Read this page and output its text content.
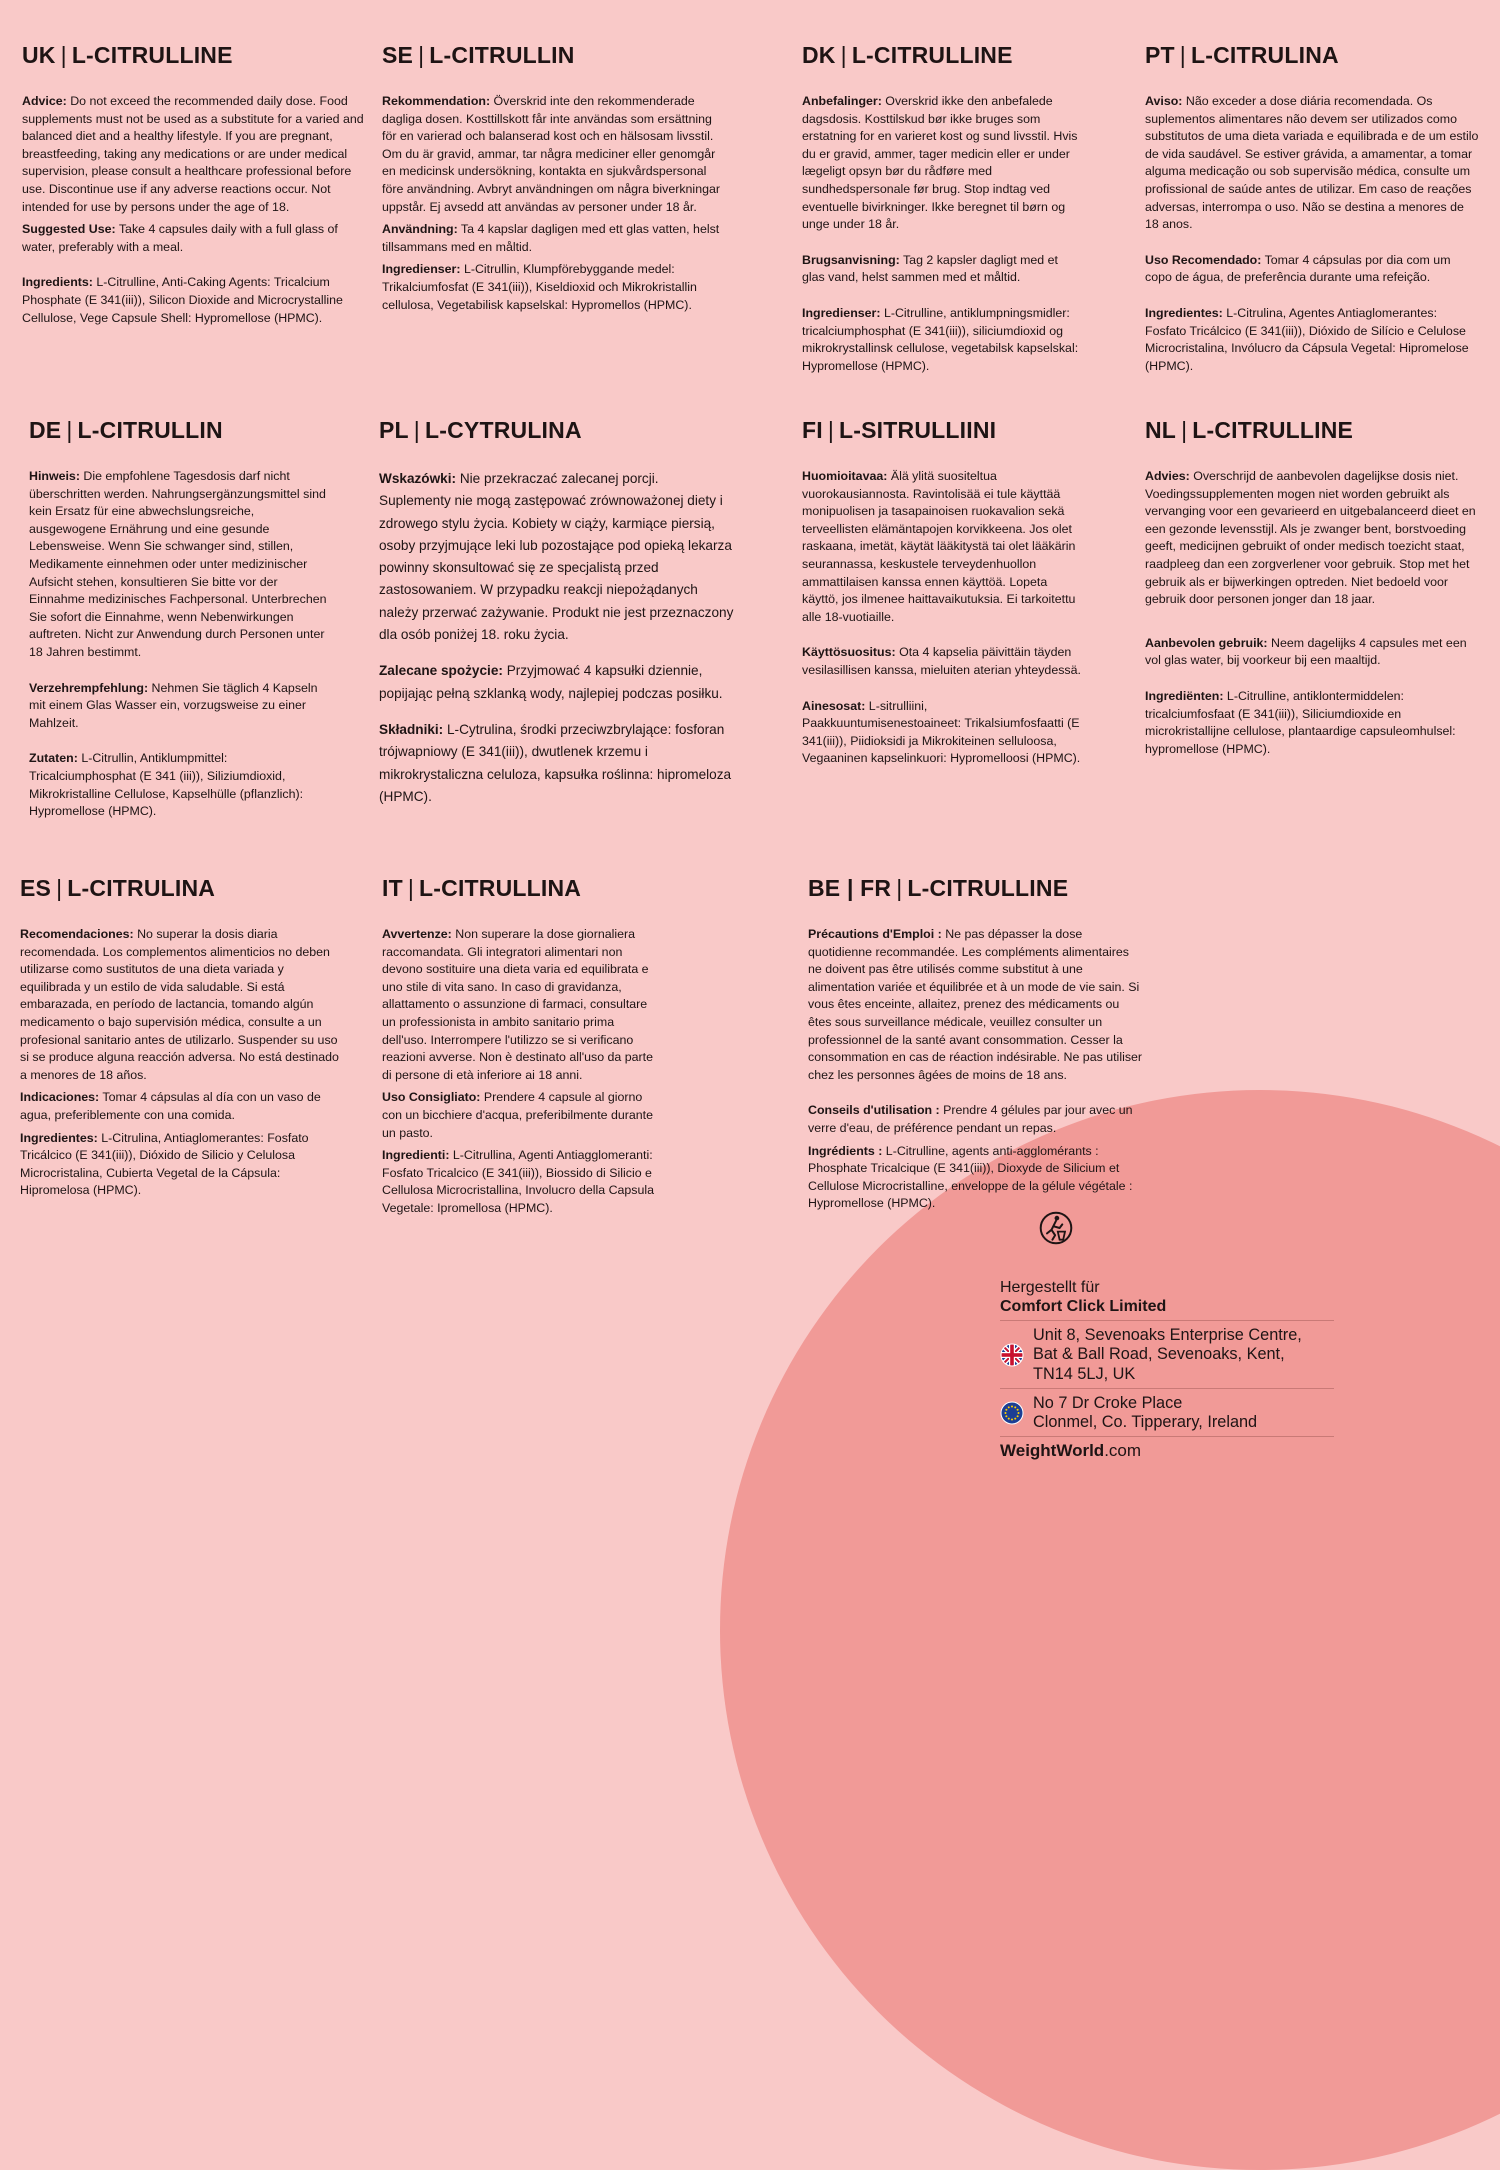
UK | L-CITRULLINE

Advice: Do not exceed the recommended daily dose. Food supplements must not be used as a substitute for a varied and balanced diet and a healthy lifestyle. If you are pregnant, breastfeeding, taking any medications or are under medical supervision, please consult a healthcare professional before use. Discontinue use if any adverse reactions occur. Not intended for use by persons under the age of 18.

Suggested Use: Take 4 capsules daily with a full glass of water, preferably with a meal.

Ingredients: L-Citrulline, Anti-Caking Agents: Tricalcium Phosphate (E 341(iii)), Silicon Dioxide and Microcrystalline Cellulose, Vege Capsule Shell: Hypromellose (HPMC).

SE | L-CITRULLIN

Rekommendation: Överskrid inte den rekommenderade dagliga dosen. Kosttillskott får inte användas som ersättning för en varierad och balanserad kost och en hälsosam livsstil. Om du är gravid, ammar, tar några mediciner eller genomgår en medicinsk undersökning, kontakta en sjukvårdspersonal före användning. Avbryt användningen om några biverkningar uppstår. Ej avsedd att användas av personer under 18 år.

Användning: Ta 4 kapslar dagligen med ett glas vatten, helst tillsammans med en måltid.

Ingredienser: L-Citrullin, Klumpförebyggande medel: Trikalciumfosfat (E 341(iii)), Kiseldioxid och Mikrokristallin cellulosa, Vegetabilisk kapselskal: Hypromellos (HPMC).

DK | L-CITRULLINE

Anbefalinger: Overskrid ikke den anbefalede dagsdosis. Kosttilskud bør ikke bruges som erstatning for en varieret kost og sund livsstil. Hvis du er gravid, ammer, tager medicin eller er under lægeligt opsyn bør du rådføre med sundhedspersonale før brug. Stop indtag ved eventuelle bivirkninger. Ikke beregnet til børn og unge under 18 år.

Brugsanvisning: Tag 2 kapsler dagligt med et glas vand, helst sammen med et måltid.

Ingredienser: L-Citrulline, antiklumpningsmidler: tricalciumphosphat (E 341(iii)), siliciumdioxid og mikrokrystallinsk cellulose, vegetabilsk kapselskal: Hypromellose (HPMC).

PT | L-CITRULINA

Aviso: Não exceder a dose diária recomendada. Os suplementos alimentares não devem ser utilizados como substitutos de uma dieta variada e equilibrada e de um estilo de vida saudável. Se estiver grávida, a amamentar, a tomar alguma medicação ou sob supervisão médica, consulte um profissional de saúde antes de utilizar. Em caso de reações adversas, interrompa o uso. Não se destina a menores de 18 anos.

Uso Recomendado: Tomar 4 cápsulas por dia com um copo de água, de preferência durante uma refeição.

Ingredientes: L-Citrulina, Agentes Antiaglomerantes: Fosfato Tricálcico (E 341(iii)), Dióxido de Silício e Celulose Microcristalina, Invólucro da Cápsula Vegetal: Hipromelose (HPMC).

DE | L-CITRULLIN

Hinweis: Die empfohlene Tagesdosis darf nicht überschritten werden. Nahrungsergänzungsmittel sind kein Ersatz für eine abwechslungsreiche, ausgewogene Ernährung und eine gesunde Lebensweise. Wenn Sie schwanger sind, stillen, Medikamente einnehmen oder unter medizinischer Aufsicht stehen, konsultieren Sie bitte vor der Einnahme medizinisches Fachpersonal. Unterbrechen Sie sofort die Einnahme, wenn Nebenwirkungen auftreten. Nicht zur Anwendung durch Personen unter 18 Jahren bestimmt.

Verzehrempfehlung: Nehmen Sie täglich 4 Kapseln mit einem Glas Wasser ein, vorzugsweise zu einer Mahlzeit.

Zutaten: L-Citrullin, Antiklumpmittel: Tricalciumphosphat (E 341 (iii)), Siliziumdioxid, Mikrokristalline Cellulose, Kapselhülle (pflanzlich): Hypromellose (HPMC).

PL | L-CYTRULINA

Wskazówki: Nie przekraczać zalecanej porcji. Suplementy nie mogą zastępować zrównoważonej diety i zdrowego stylu życia. Kobiety w ciąży, karmiące piersią, osoby przyjmujące leki lub pozostające pod opieką lekarza powinny skonsultować się ze specjalistą przed zastosowaniem. W przypadku reakcji niepożądanych należy przerwać zażywanie. Produkt nie jest przeznaczony dla osób poniżej 18. roku życia.

Zalecane spożycie: Przyjmować 4 kapsułki dziennie, popijając pełną szklanką wody, najlepiej podczas posiłku.

Składniki: L-Cytrulina, środki przeciwzbrylające: fosforan trójwapniowy (E 341(iii)), dwutlenek krzemu i mikrokrystaliczna celuloza, kapsułka roślinna: hipromeloza (HPMC).

FI | L-SITRULLIINI

Huomioitavaa: Älä ylitä suositeltua vuorokausiannosta. Ravintolisää ei tule käyttää monipuolisen ja tasapainoisen ruokavalion sekä terveellisten elämäntapojen korvikkeena. Jos olet raskaana, imetät, käytät lääkitystä tai olet lääkärin seurannassa, keskustele terveydenhuollon ammattilaisen kanssa ennen käyttöä. Lopeta käyttö, jos ilmenee haittavaikutuksia. Ei tarkoitettu alle 18-vuotiaille.

Käyttösuositus: Ota 4 kapselia päivittäin täyden vesilasillisen kanssa, mieluiten aterian yhteydessä.

Ainesosat: L-sitrulliini, Paakkuuntumisenestoaineet: Trikalsiumfosfaatti (E 341(iii)), Piidioksidi ja Mikrokiteinen selluloosa, Vegaaninen kapselinkuori: Hypromelloosi (HPMC).

NL | L-CITRULLINE

Advies: Overschrijd de aanbevolen dagelijkse dosis niet. Voedingssupplementen mogen niet worden gebruikt als vervanging voor een gevarieerd en uitgebalanceerd dieet en een gezonde levensstijl. Als je zwanger bent, borstvoeding geeft, medicijnen gebruikt of onder medisch toezicht staat, raadpleeg dan een zorgverlener voor gebruik. Stop met het gebruik als er bijwerkingen optreden. Niet bedoeld voor gebruik door personen jonger dan 18 jaar.

Aanbevolen gebruik: Neem dagelijks 4 capsules met een vol glas water, bij voorkeur bij een maaltijd.

Ingrediënten: L-Citrulline, antiklontermiddelen: tricalciumfosfaat (E 341(iii)), Siliciumdioxide en microkristallijne cellulose, plantaardige capsuleomhulsel: hypromellose (HPMC).

ES | L-CITRULINA

Recomendaciones: No superar la dosis diaria recomendada. Los complementos alimenticios no deben utilizarse como sustitutos de una dieta variada y equilibrada y un estilo de vida saludable. Si está embarazada, en período de lactancia, tomando algún medicamento o bajo supervisión médica, consulte a un profesional sanitario antes de utilizarlo. Suspender su uso si se produce alguna reacción adversa. No está destinado a menores de 18 años.

Indicaciones: Tomar 4 cápsulas al día con un vaso de agua, preferiblemente con una comida.

Ingredientes: L-Citrulina, Antiaglomerantes: Fosfato Tricálcico (E 341(iii)), Dióxido de Silicio y Celulosa Microcristalina, Cubierta Vegetal de la Cápsula: Hipromelosa (HPMC).

IT | L-CITRULLINA

Avvertenze: Non superare la dose giornaliera raccomandata. Gli integratori alimentari non devono sostituire una dieta varia ed equilibrata e uno stile di vita sano. In caso di gravidanza, allattamento o assunzione di farmaci, consultare un professionista in ambito sanitario prima dell'uso. Interrompere l'utilizzo se si verificano reazioni avverse. Non è destinato all'uso da parte di persone di età inferiore ai 18 anni.

Uso Consigliato: Prendere 4 capsule al giorno con un bicchiere d'acqua, preferibilmente durante un pasto.

Ingredienti: L-Citrullina, Agenti Antiagglomeranti: Fosfato Tricalcico (E 341(iii)), Biossido di Silicio e Cellulosa Microcristallina, Involucro della Capsula Vegetale: Ipromellosa (HPMC).

BE | FR | L-CITRULLINE

Précautions d'Emploi : Ne pas dépasser la dose quotidienne recommandée. Les compléments alimentaires ne doivent pas être utilisés comme substitut à une alimentation variée et équilibrée et à un mode de vie sain. Si vous êtes enceinte, allaitez, prenez des médicaments ou êtes sous surveillance médicale, veuillez consulter un professionnel de la santé avant consommation. Cesser la consommation en cas de réaction indésirable. Ne pas utiliser chez les personnes âgées de moins de 18 ans.

Conseils d'utilisation : Prendre 4 gélules par jour avec un verre d'eau, de préférence pendant un repas.

Ingrédients : L-Citrulline, agents anti-agglomérants : Phosphate Tricalcique (E 341(iii)), Dioxyde de Silicium et Cellulose Microcristalline, enveloppe de la gélule végétale : Hypromellose (HPMC).

Hergestellt für
Comfort Click Limited
Unit 8, Sevenoaks Enterprise Centre,
Bat & Ball Road, Sevenoaks, Kent,
TN14 5LJ, UK
No 7 Dr Croke Place
Clonmel, Co. Tipperary, Ireland
WeightWorld.com
